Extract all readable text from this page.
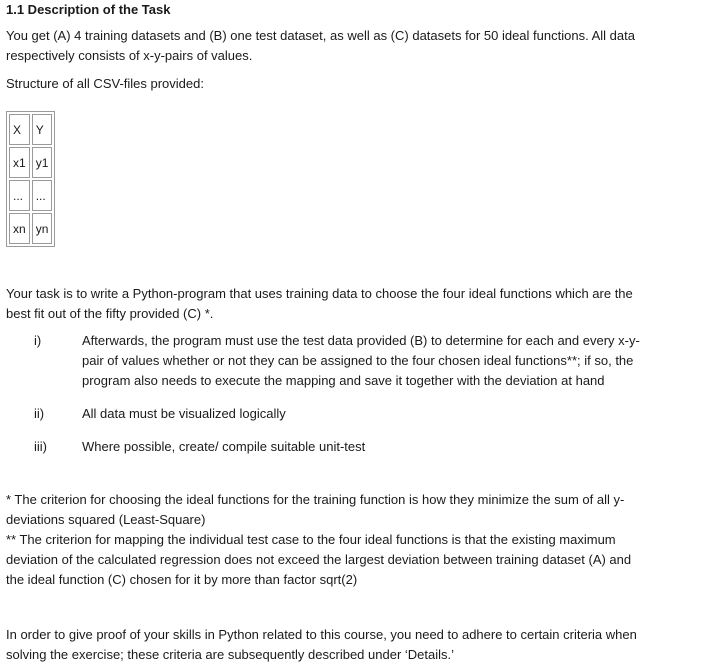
1.1 Description of the Task
You get (A) 4 training datasets and (B) one test dataset, as well as (C) datasets for 50 ideal functions. All data
respectively consists of x-y-pairs of values.
Structure of all CSV-files provided:
X	Y
x1	y1
...	...
xn	yn
Your task is to write a Python-program that uses training data to choose the four ideal functions which are the
best fit out of the fifty provided (C) *.
i)	Afterwards, the program must use the test data provided (B) to determine for each and every x-y-
pair of values whether or not they can be assigned to the four chosen ideal functions**; if so, the
program also needs to execute the mapping and save it together with the deviation at hand
ii)	All data must be visualized logically
iii)	Where possible, create/ compile suitable unit-test
* The criterion for choosing the ideal functions for the training function is how they minimize the sum of all y-
deviations squared (Least-Square)
** The criterion for mapping the individual test case to the four ideal functions is that the existing maximum
deviation of the calculated regression does not exceed the largest deviation between training dataset (A) and
the ideal function (C) chosen for it by more than factor sqrt(2)
In order to give proof of your skills in Python related to this course, you need to adhere to certain criteria when
solving the exercise; these criteria are subsequently described under ‘Details.’
